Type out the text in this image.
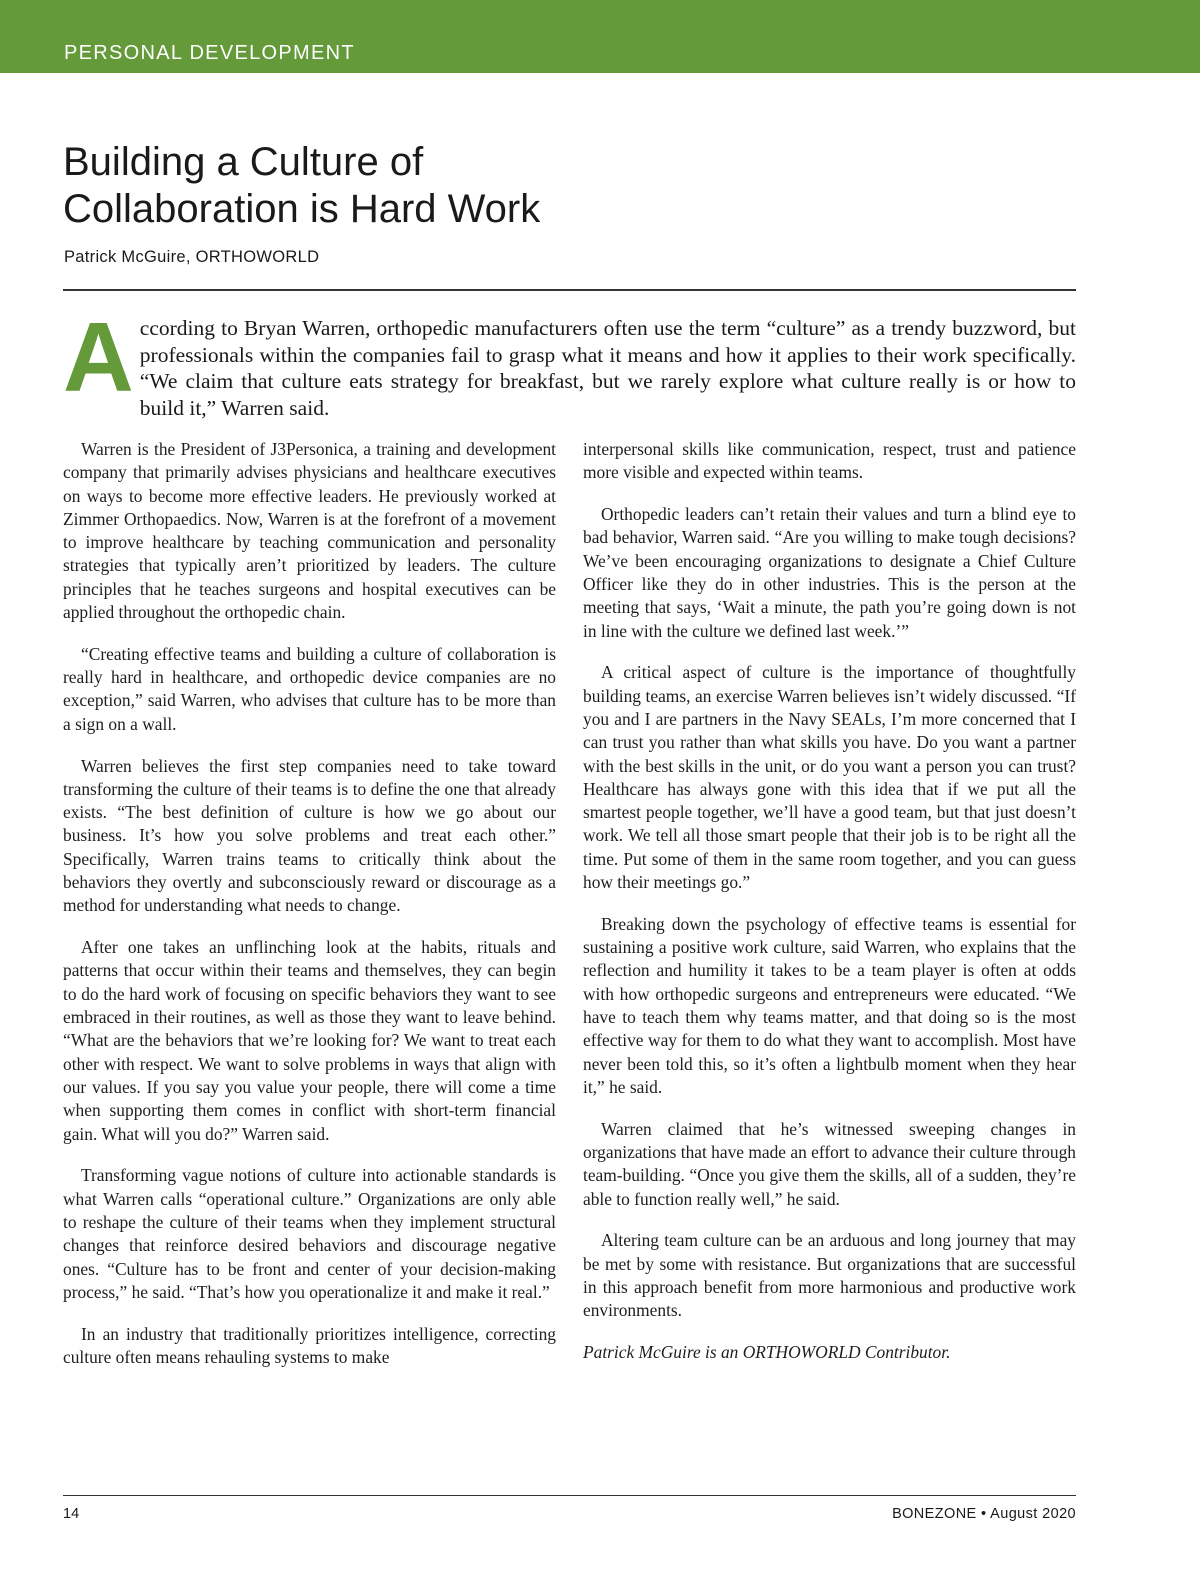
PERSONAL DEVELOPMENT
Building a Culture of
Collaboration is Hard Work
Patrick McGuire, ORTHOWORLD

According to Bryan Warren, orthopedic manufacturers often use the term “culture” as a trendy buzzword, but professionals within the companies fail to grasp what it means and how it applies to their work specifically. “We claim that culture eats strategy for breakfast, but we rarely explore what culture really is or how to build it,” Warren said.

Warren is the President of J3Personica, a training and development company that primarily advises physicians and healthcare executives on ways to become more effective leaders. He previously worked at Zimmer Orthopaedics. Now, Warren is at the forefront of a movement to improve healthcare by teaching communication and personality strategies that typically aren’t prioritized by leaders. The culture principles that he teaches surgeons and hospital executives can be applied throughout the orthopedic chain.

“Creating effective teams and building a culture of collaboration is really hard in healthcare, and orthopedic device companies are no exception,” said Warren, who advises that culture has to be more than a sign on a wall.

Warren believes the first step companies need to take toward transforming the culture of their teams is to define the one that already exists. “The best definition of culture is how we go about our business. It’s how you solve problems and treat each other.” Specifically, Warren trains teams to critically think about the behaviors they overtly and subconsciously reward or discourage as a method for understanding what needs to change.

After one takes an unflinching look at the habits, rituals and patterns that occur within their teams and themselves, they can begin to do the hard work of focusing on specific behaviors they want to see embraced in their routines, as well as those they want to leave behind. “What are the behaviors that we’re looking for? We want to treat each other with respect. We want to solve problems in ways that align with our values. If you say you value your people, there will come a time when supporting them comes in conflict with short-term financial gain. What will you do?” Warren said.

Transforming vague notions of culture into actionable standards is what Warren calls “operational culture.” Organizations are only able to reshape the culture of their teams when they implement structural changes that reinforce desired behaviors and discourage negative ones. “Culture has to be front and center of your decision-making process,” he said. “That’s how you operationalize it and make it real.”

In an industry that traditionally prioritizes intelligence, correcting culture often means rehauling systems to make

interpersonal skills like communication, respect, trust and patience more visible and expected within teams.

Orthopedic leaders can’t retain their values and turn a blind eye to bad behavior, Warren said. “Are you willing to make tough decisions? We’ve been encouraging organizations to designate a Chief Culture Officer like they do in other industries. This is the person at the meeting that says, ‘Wait a minute, the path you’re going down is not in line with the culture we defined last week.’”

A critical aspect of culture is the importance of thoughtfully building teams, an exercise Warren believes isn’t widely discussed. “If you and I are partners in the Navy SEALs, I’m more concerned that I can trust you rather than what skills you have. Do you want a partner with the best skills in the unit, or do you want a person you can trust? Healthcare has always gone with this idea that if we put all the smartest people together, we’ll have a good team, but that just doesn’t work. We tell all those smart people that their job is to be right all the time. Put some of them in the same room together, and you can guess how their meetings go.”

Breaking down the psychology of effective teams is essential for sustaining a positive work culture, said Warren, who explains that the reflection and humility it takes to be a team player is often at odds with how orthopedic surgeons and entrepreneurs were educated. “We have to teach them why teams matter, and that doing so is the most effective way for them to do what they want to accomplish. Most have never been told this, so it’s often a lightbulb moment when they hear it,” he said.

Warren claimed that he’s witnessed sweeping changes in organizations that have made an effort to advance their culture through team-building. “Once you give them the skills, all of a sudden, they’re able to function really well,” he said.

Altering team culture can be an arduous and long journey that may be met by some with resistance. But organizations that are successful in this approach benefit from more harmonious and productive work environments.

Patrick McGuire is an ORTHOWORLD Contributor.

14	BONEZONE • August 2020
